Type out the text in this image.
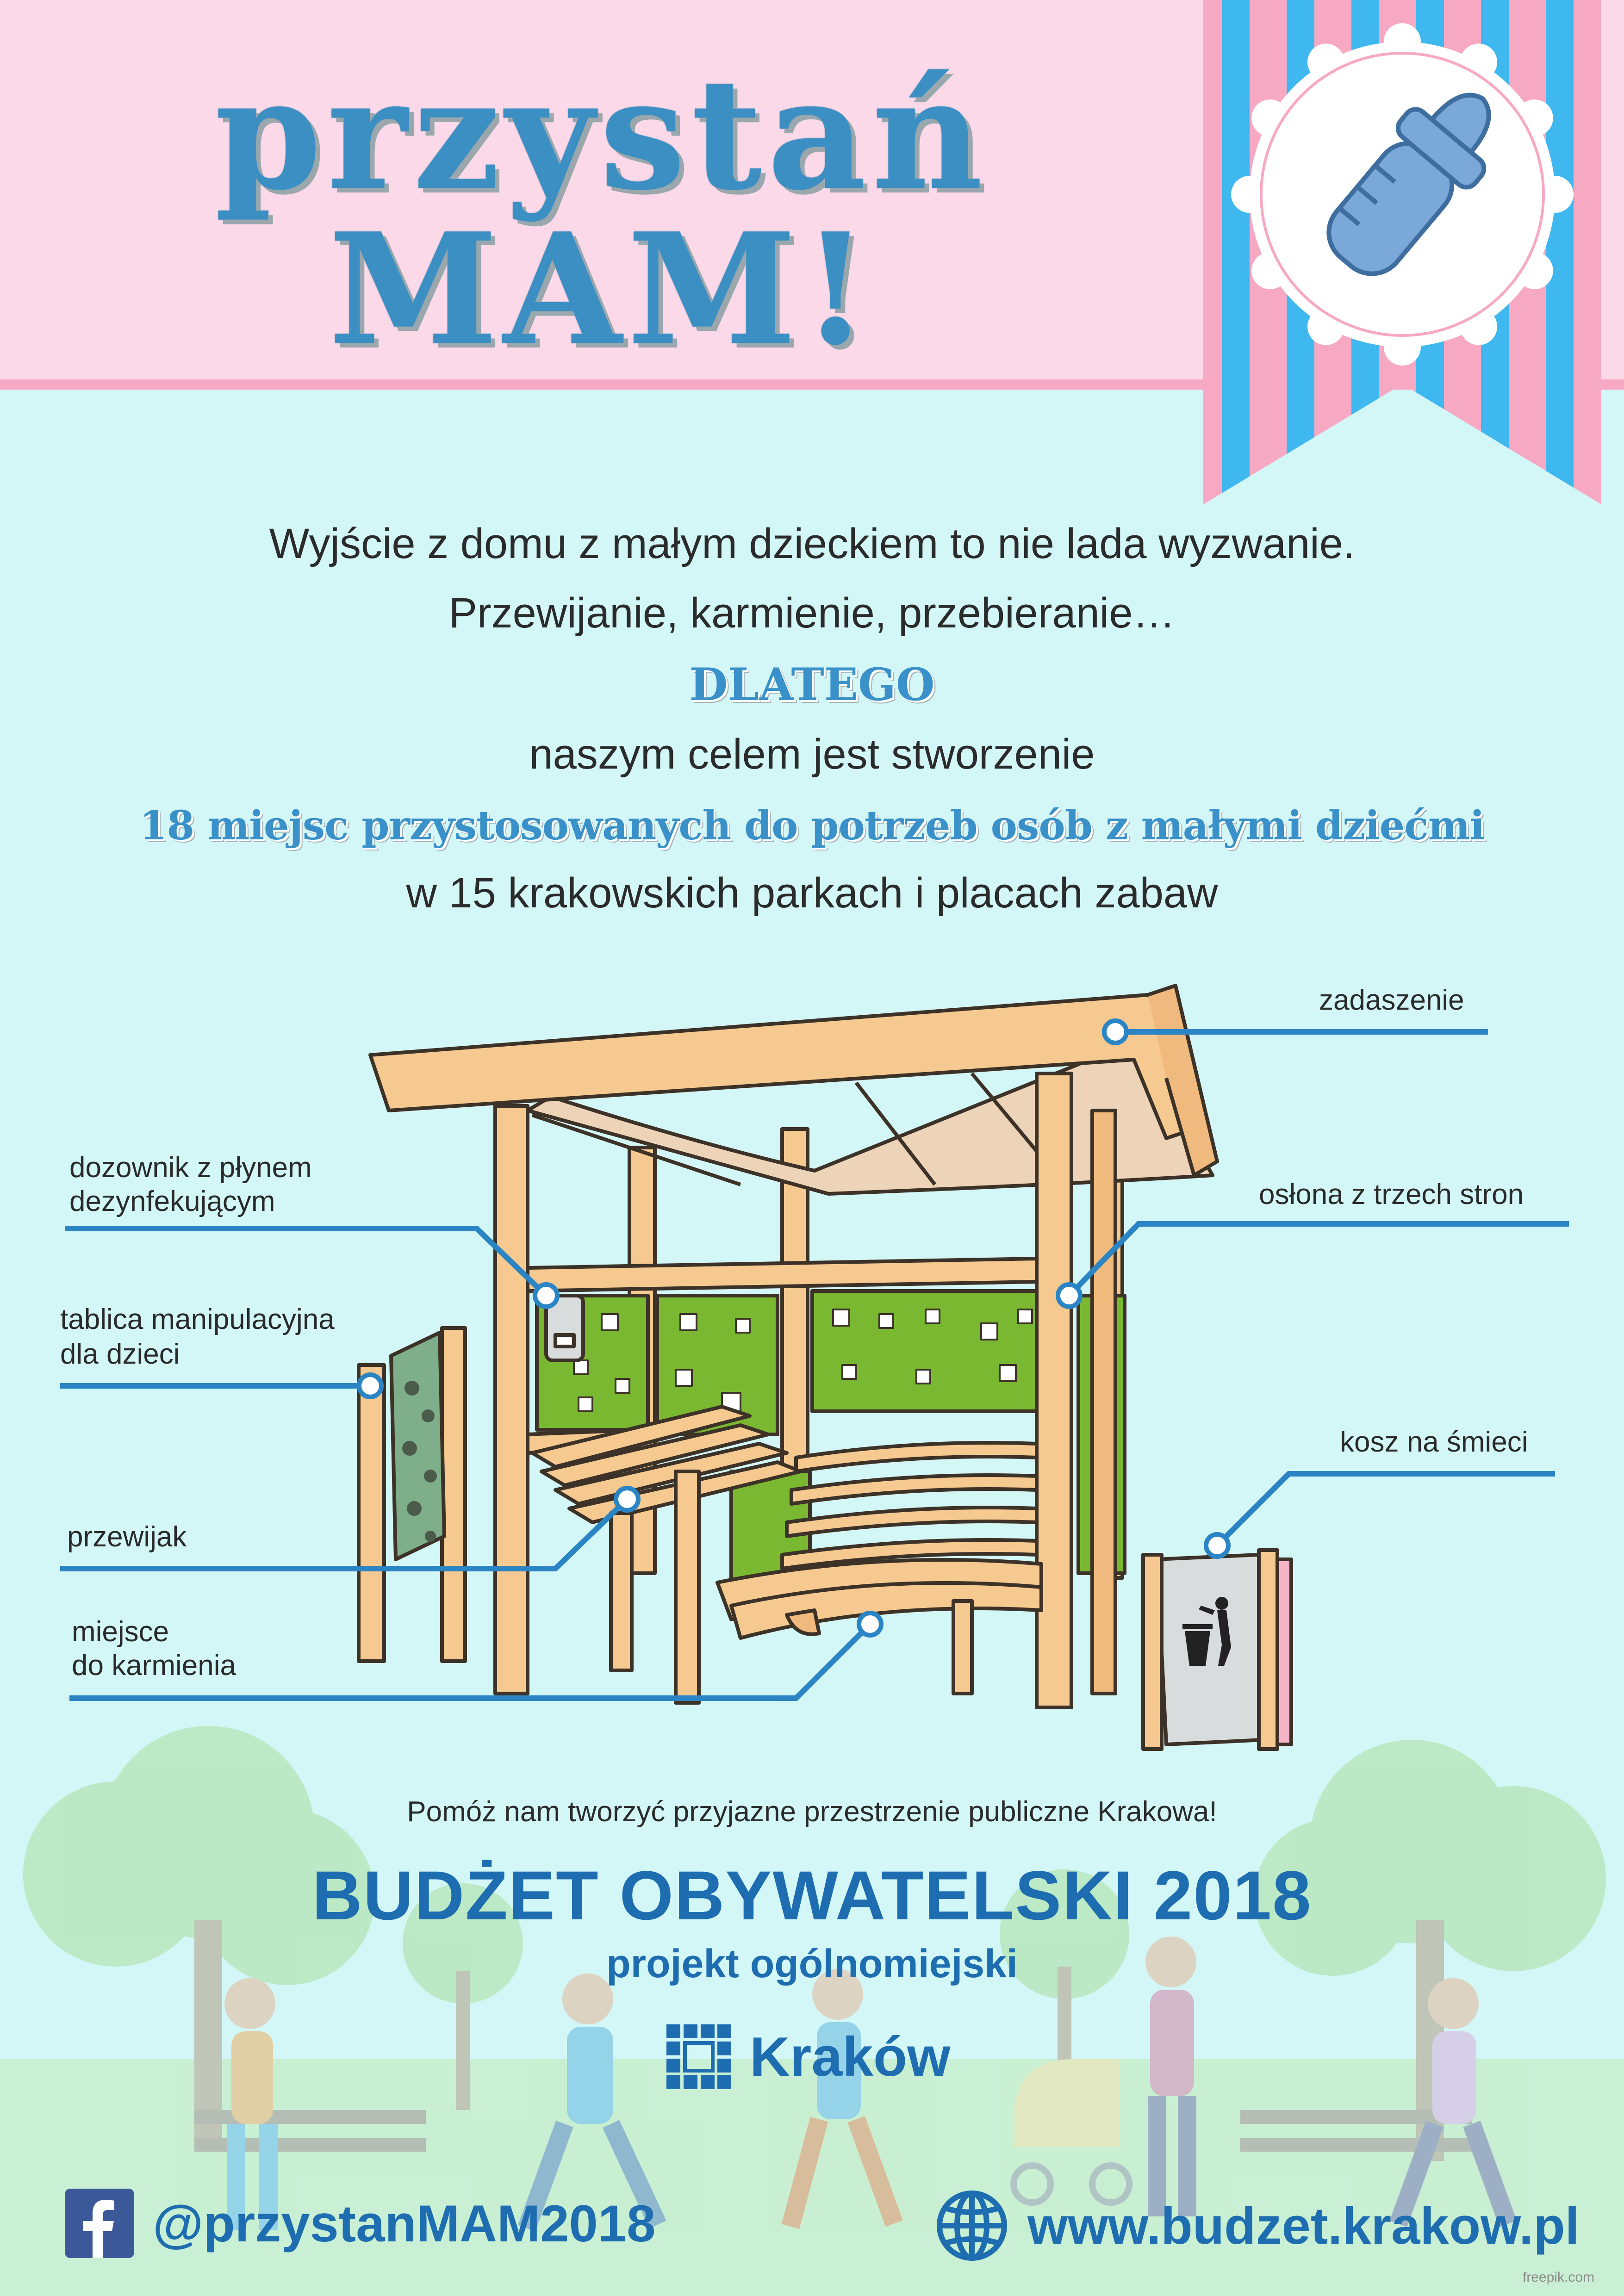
przystań
MAM!

Wyjście z domu z małym dzieckiem to nie lada wyzwanie.

Przewijanie, karmienie, przebieranie…

DLATEGO

naszym celem jest stworzenie

18 miejsc przystosowanych do potrzeb osób z małymi dziećmi

w 15 krakowskich parkach i placach zabaw

zadaszenie
dozownik z płynem
dezynfekującym	osłona z trzech stron
tablica manipulacyjna
dla dzieci
kosz na śmieci
przewijak
miejsce
do karmienia
Pomóż nam tworzyć przyjazne przestrzenie publiczne Krakowa!
BUDŻET OBYWATELSKI 2018
projekt ogólnomiejski
Kraków
@przystanMAM2018	www.budzet.krakow.pl
freepik.com
